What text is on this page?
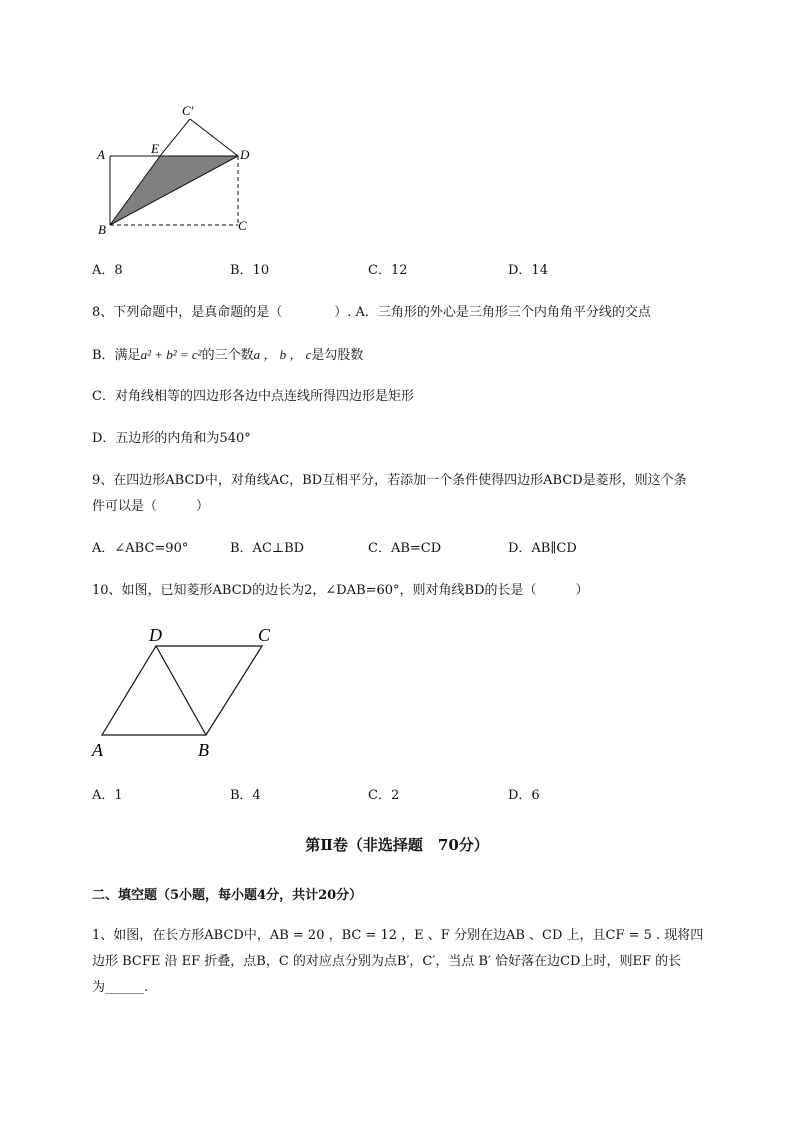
C′
A	E	D
B	C
A．8	B．10	C．12	D．14
8、下列命题中，是真命题的是（	）. A．三角形的外心是三角形三个内角角平分线的交点
B．满足a² + b² = c²的三个数a ， b ， c是勾股数
C．对角线相等的四边形各边中点连线所得四边形是矩形
D．五边形的内角和为540°
9、在四边形ABCD中，对角线AC，BD互相平分，若添加一个条件使得四边形ABCD是菱形，则这个条
件可以是（　　　）
A．∠ABC=90°	B．AC⊥BD	C．AB=CD	D．AB∥CD
10、如图，已知菱形ABCD的边长为2，∠DAB=60°，则对角线BD的长是（　　　）
D	C
A	B
A．1	B．4	C．2	D．6
第Ⅱ卷（非选择题　70分）
二、填空题（5小题，每小题4分，共计20分）
1、如图，在长方形ABCD中，AB = 20 ，BC = 12 ，E 、F 分别在边AB 、CD 上，且CF = 5 . 现将四
边形 BCFE 沿 EF 折叠，点B，C 的对应点分别为点B′，C′，当点 B′ 恰好落在边CD上时，则EF 的长
为______.
